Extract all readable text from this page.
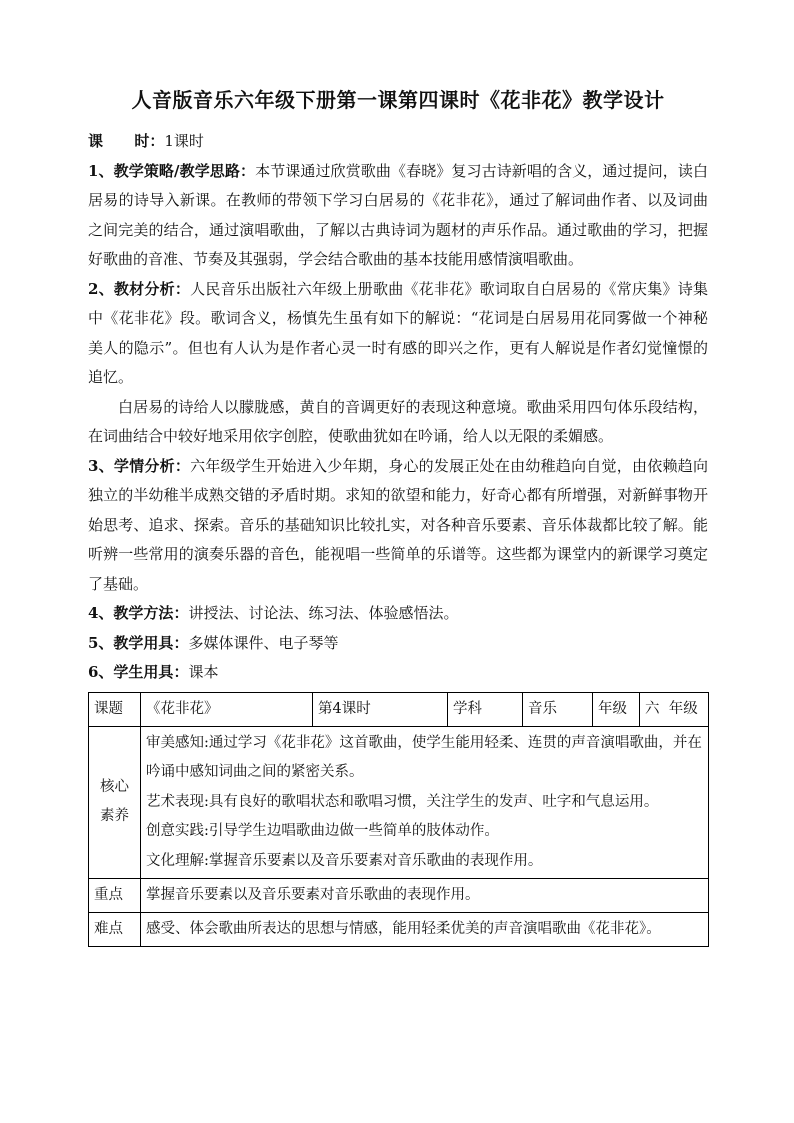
人音版音乐六年级下册第一课第四课时《花非花》教学设计

课      时：1课时

1、教学策略/教学思路：本节课通过欣赏歌曲《春晓》复习古诗新唱的含义，通过提问，读白居易的诗导入新课。在教师的带领下学习白居易的《花非花》，通过了解词曲作者、以及词曲之间完美的结合，通过演唱歌曲，了解以古典诗词为题材的声乐作品。通过歌曲的学习，把握好歌曲的音准、节奏及其强弱，学会结合歌曲的基本技能用感情演唱歌曲。

2、教材分析：人民音乐出版社六年级上册歌曲《花非花》歌词取自白居易的《常庆集》诗集中《花非花》段。歌词含义，杨慎先生虽有如下的解说：“花词是白居易用花同雾做一个神秘美人的隐示”。但也有人认为是作者心灵一时有感的即兴之作，更有人解说是作者幻觉憧憬的追忆。

白居易的诗给人以朦胧感，黄自的音调更好的表现这种意境。歌曲采用四句体乐段结构，在词曲结合中较好地采用依字创腔，使歌曲犹如在吟诵，给人以无限的柔媚感。

3、学情分析：六年级学生开始进入少年期，身心的发展正处在由幼稚趋向自觉，由依赖趋向独立的半幼稚半成熟交错的矛盾时期。求知的欲望和能力，好奇心都有所增强，对新鲜事物开始思考、追求、探索。音乐的基础知识比较扎实，对各种音乐要素、音乐体裁都比较了解。能听辨一些常用的演奏乐器的音色，能视唱一些简单的乐谱等。这些都为课堂内的新课学习奠定了基础。

4、教学方法：讲授法、讨论法、练习法、体验感悟法。

5、教学用具：多媒体课件、电子琴等

6、学生用具：课本

课题	《花非花》	第4课时	学科	音乐	年级	六  年级
核心素养	审美感知:通过学习《花非花》这首歌曲，使学生能用轻柔、连贯的声音演唱歌曲，并在吟诵中感知词曲之间的紧密关系。

艺术表现:具有良好的歌唱状态和歌唱习惯，关注学生的发声、吐字和气息运用。

创意实践:引导学生边唱歌曲边做一些简单的肢体动作。

文化理解:掌握音乐要素以及音乐要素对音乐歌曲的表现作用。					

重点	掌握音乐要素以及音乐要素对音乐歌曲的表现作用。					
难点	感受、体会歌曲所表达的思想与情感，能用轻柔优美的声音演唱歌曲《花非花》。					
